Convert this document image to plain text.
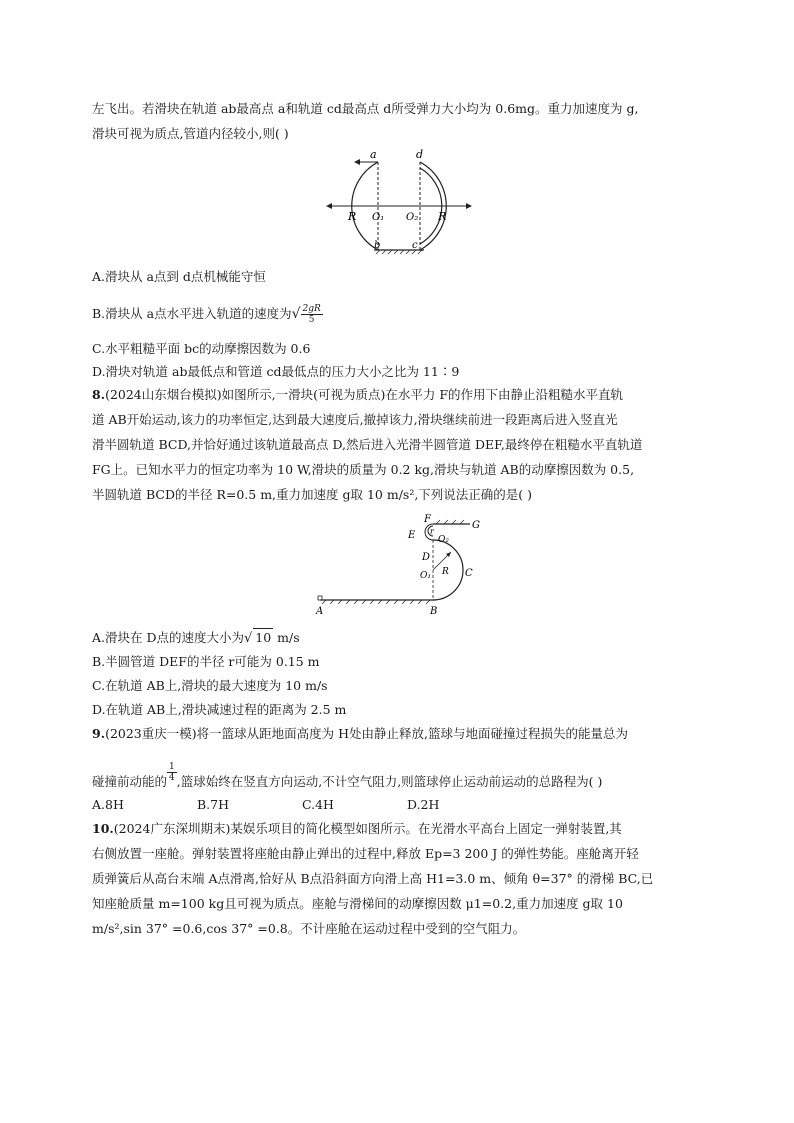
左飞出。若滑块在轨道 ab最高点 a和轨道 cd最高点 d所受弹力大小均为 0.6mg。重力加速度为 g,
滑块可视为质点,管道内径较小,则( )
a	d
R	R
O₁ O₂
b	c
A.滑块从 a点到 d点机械能守恒
B.滑块从 a点水平进入轨道的速度为√ $\frac{2gR}{5}$
C.水平粗糙平面 bc的动摩擦因数为 0.6
D.滑块对轨道 ab最低点和管道 cd最低点的压力大小之比为 11∶9
8.(2024山东烟台模拟)如图所示,一滑块(可视为质点)在水平力 F的作用下由静止沿粗糙水平直轨
道 AB开始运动,该力的功率恒定,达到最大速度后,撤掉该力,滑块继续前进一段距离后进入竖直光
滑半圆轨道 BCD,并恰好通过该轨道最高点 D,然后进入光滑半圆管道 DEF,最终停在粗糙水平直轨道
FG上。已知水平力的恒定功率为 10 W,滑块的质量为 0.2 kg,滑块与轨道 AB的动摩擦因数为 0.5,
半圆轨道 BCD的半径 R=0.5 m,重力加速度 g取 10 m/s²,下列说法正确的是( )
A	B
C
D
E
F
G
O₁
O₂
R
r
A.滑块在 D点的速度大小为√ 10 m/s
B.半圆管道 DEF的半径 r可能为 0.15 m
C.在轨道 AB上,滑块的最大速度为 10 m/s
D.在轨道 AB上,滑块减速过程的距离为 2.5 m
9.(2023重庆一模)将一篮球从距地面高度为 H处由静止释放,篮球与地面碰撞过程损失的能量总为
碰撞前动能的 $\frac{1}{4}$ ,篮球始终在竖直方向运动,不计空气阻力,则篮球停止运动前运动的总路程为( )
A.8H	B.7H	C.4H	D.2H
10.(2024广东深圳期末)某娱乐项目的简化模型如图所示。在光滑水平高台上固定一弹射装置,其
右侧放置一座舱。弹射装置将座舱由静止弹出的过程中,释放 Ep=3 200 J 的弹性势能。座舱离开轻
质弹簧后从高台末端 A点滑离,恰好从 B点沿斜面方向滑上高 H1=3.0 m、倾角 θ=37° 的滑梯 BC,已
知座舱质量 m=100 kg且可视为质点。座舱与滑梯间的动摩擦因数 μ1=0.2,重力加速度 g取 10
m/s²,sin 37° =0.6,cos 37° =0.8。不计座舱在运动过程中受到的空气阻力。
